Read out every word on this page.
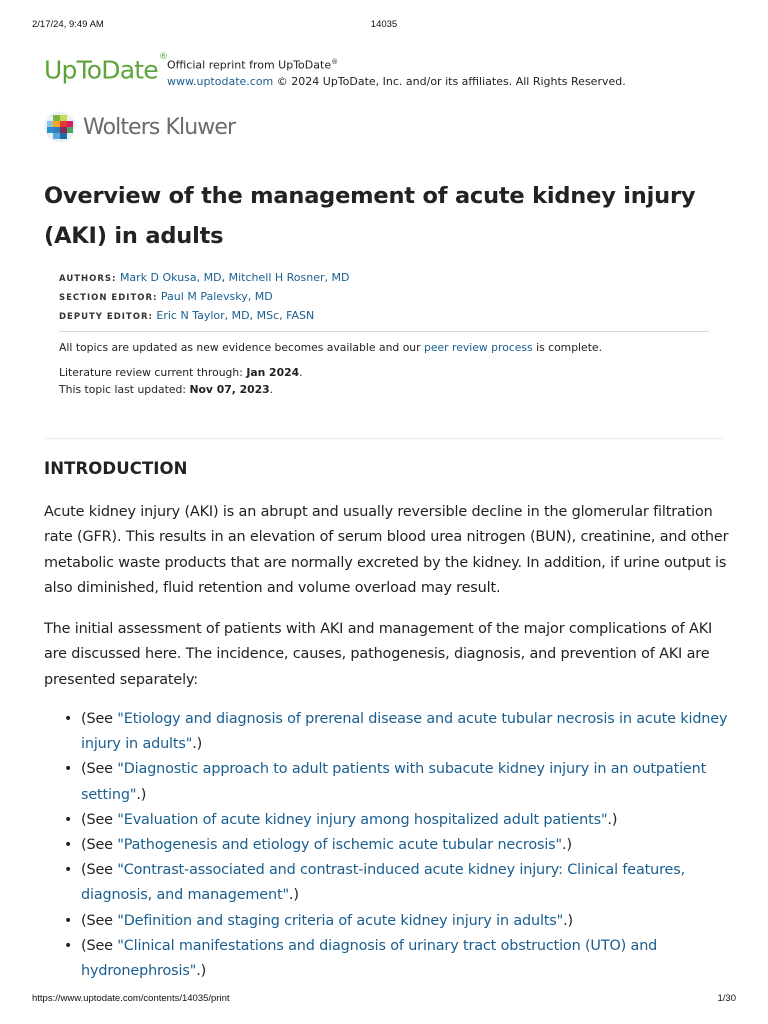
2/17/24, 9:49 AM	14035
UpToDate®
Official reprint from UpToDate®
www.uptodate.com © 2024 UpToDate, Inc. and/or its affiliates. All Rights Reserved.
Wolters Kluwer
Overview of the management of acute kidney injury (AKI) in adults
AUTHORS: Mark D Okusa, MD, Mitchell H Rosner, MD
SECTION EDITOR: Paul M Palevsky, MD
DEPUTY EDITOR: Eric N Taylor, MD, MSc, FASN

All topics are updated as new evidence becomes available and our peer review process is complete.

Literature review current through: Jan 2024.
This topic last updated: Nov 07, 2023.

INTRODUCTION

Acute kidney injury (AKI) is an abrupt and usually reversible decline in the glomerular filtration rate (GFR). This results in an elevation of serum blood urea nitrogen (BUN), creatinine, and other metabolic waste products that are normally excreted by the kidney. In addition, if urine output is also diminished, fluid retention and volume overload may result.

The initial assessment of patients with AKI and management of the major complications of AKI are discussed here. The incidence, causes, pathogenesis, diagnosis, and prevention of AKI are presented separately:

• (See "Etiology and diagnosis of prerenal disease and acute tubular necrosis in acute kidney injury in adults".)
• (See "Diagnostic approach to adult patients with subacute kidney injury in an outpatient setting".)
• (See "Evaluation of acute kidney injury among hospitalized adult patients".)
• (See "Pathogenesis and etiology of ischemic acute tubular necrosis".)
• (See "Contrast-associated and contrast-induced acute kidney injury: Clinical features, diagnosis, and management".)
• (See "Definition and staging criteria of acute kidney injury in adults".)
• (See "Clinical manifestations and diagnosis of urinary tract obstruction (UTO) and hydronephrosis".)
https://www.uptodate.com/contents/14035/print	1/30
